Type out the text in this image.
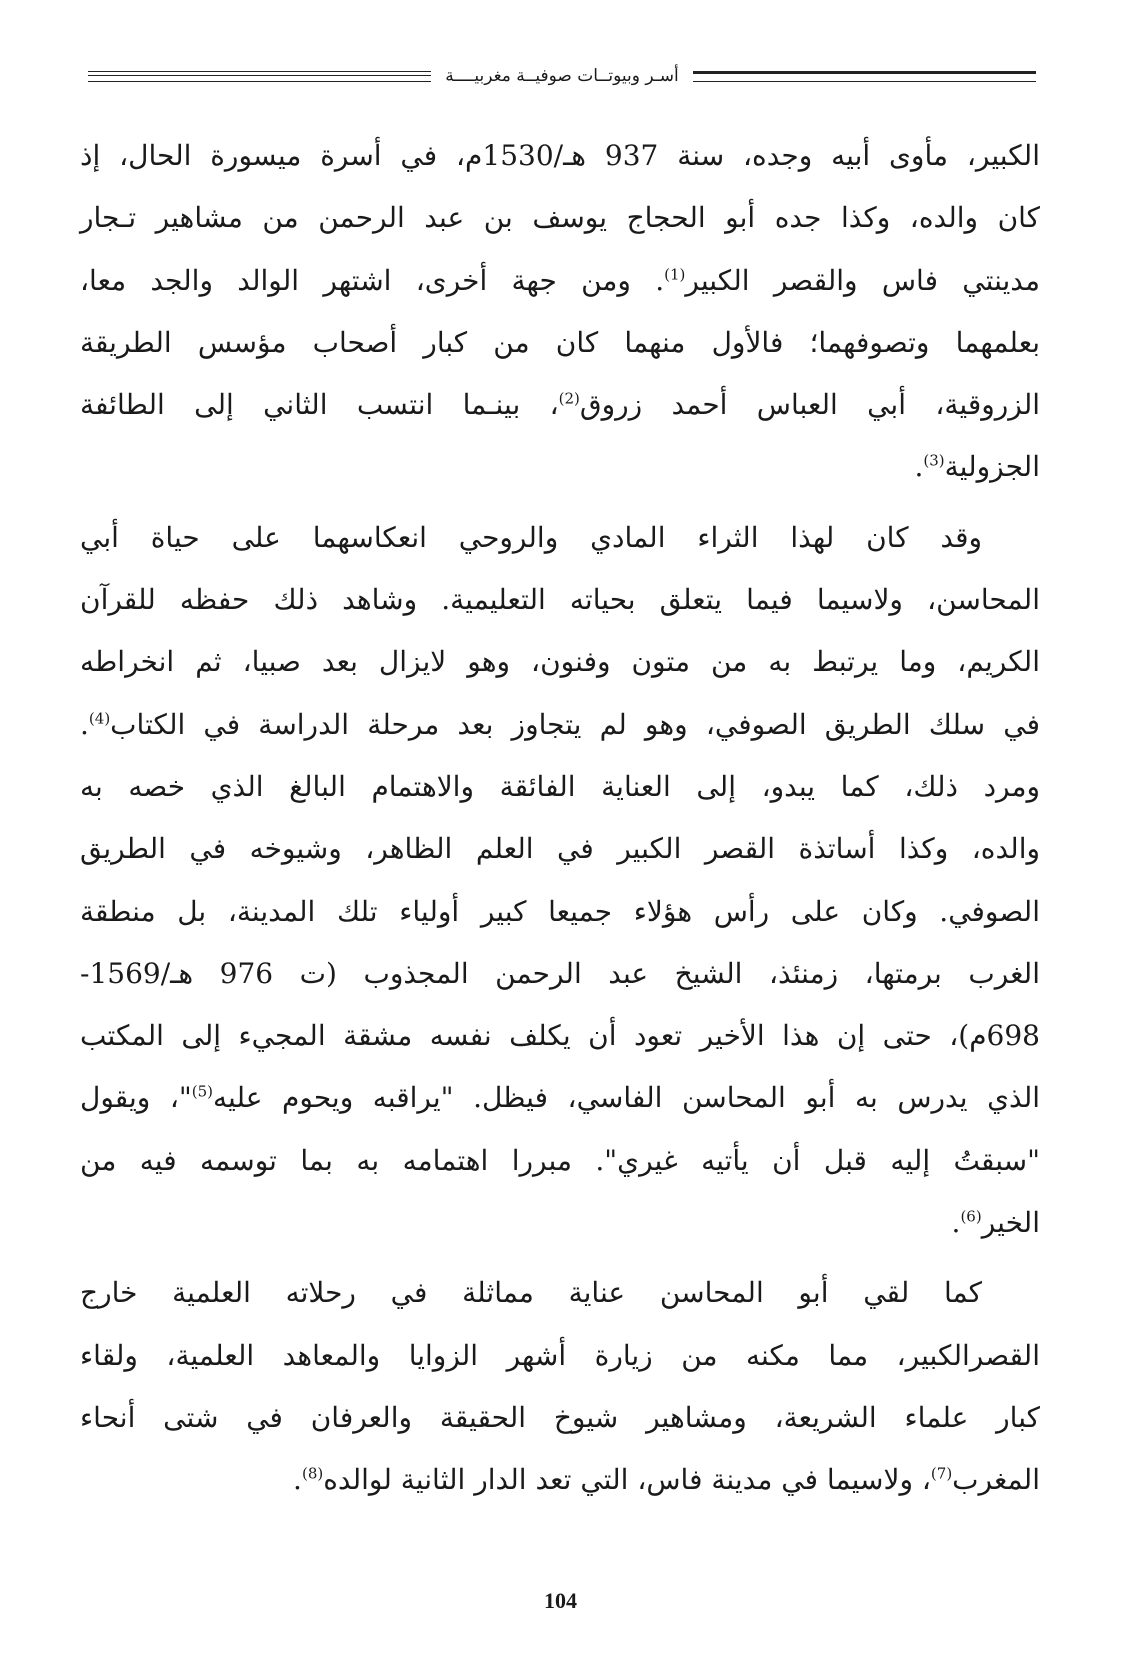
أسـر وبيوتــات صوفيــة مغربيــــة
الكبير، مأوى أبيه وجده، سنة 937 هـ/1530م، في أسرة ميسورة الحال، إذ
كان والده، وكذا جده أبو الحجاج يوسف بن عبد الرحمن من مشاهير تـجار
مدينتي فاس والقصر الكبير$^{(1)}$. ومن جهة أخرى، اشتهر الوالد والجد معا،
بعلمهما وتصوفهما؛ فالأول منهما كان من كبار أصحاب مؤسس الطريقة
الزروقية، أبي العباس أحمد زروق$^{(2)}$، بينـما انتسب الثاني إلى الطائفة
الجزولية$^{(3)}$.
وقد كان لهذا الثراء المادي والروحي انعكاسهما على حياة أبي
المحاسن، ولاسيما فيما يتعلق بحياته التعليمية. وشاهد ذلك حفظه للقرآن
الكريم، وما يرتبط به من متون وفنون، وهو لايزال بعد صبيا، ثم انخراطه
في سلك الطريق الصوفي، وهو لم يتجاوز بعد مرحلة الدراسة في الكتاب$^{(4)}$.
ومرد ذلك، كما يبدو، إلى العناية الفائقة والاهتمام البالغ الذي خصه به
والده، وكذا أساتذة القصر الكبير في العلم الظاهر، وشيوخه في الطريق
الصوفي. وكان على رأس هؤلاء جميعا كبير أولياء تلك المدينة، بل منطقة
الغرب برمتها، زمنئذ، الشيخ عبد الرحمن المجذوب (ت 976 هـ/1569-
698م)، حتى إن هذا الأخير تعود أن يكلف نفسه مشقة المجيء إلى المكتب
الذي يدرس به أبو المحاسن الفاسي، فيظل. "يراقبه ويحوم عليه$^{(5)}$"، ويقول
"سبقتُ إليه قبل أن يأتيه غيري". مبررا اهتمامه به بما توسمه فيه من
الخير$^{(6)}$.
كما لقي أبو المحاسن عناية مماثلة في رحلاته العلمية خارج
القصرالكبير، مما مكنه من زيارة أشهر الزوايا والمعاهد العلمية، ولقاء
كبار علماء الشريعة، ومشاهير شيوخ الحقيقة والعرفان في شتى أنحاء
المغرب$^{(7)}$، ولاسيما في مدينة فاس، التي تعد الدار الثانية لوالده$^{(8)}$.
104
